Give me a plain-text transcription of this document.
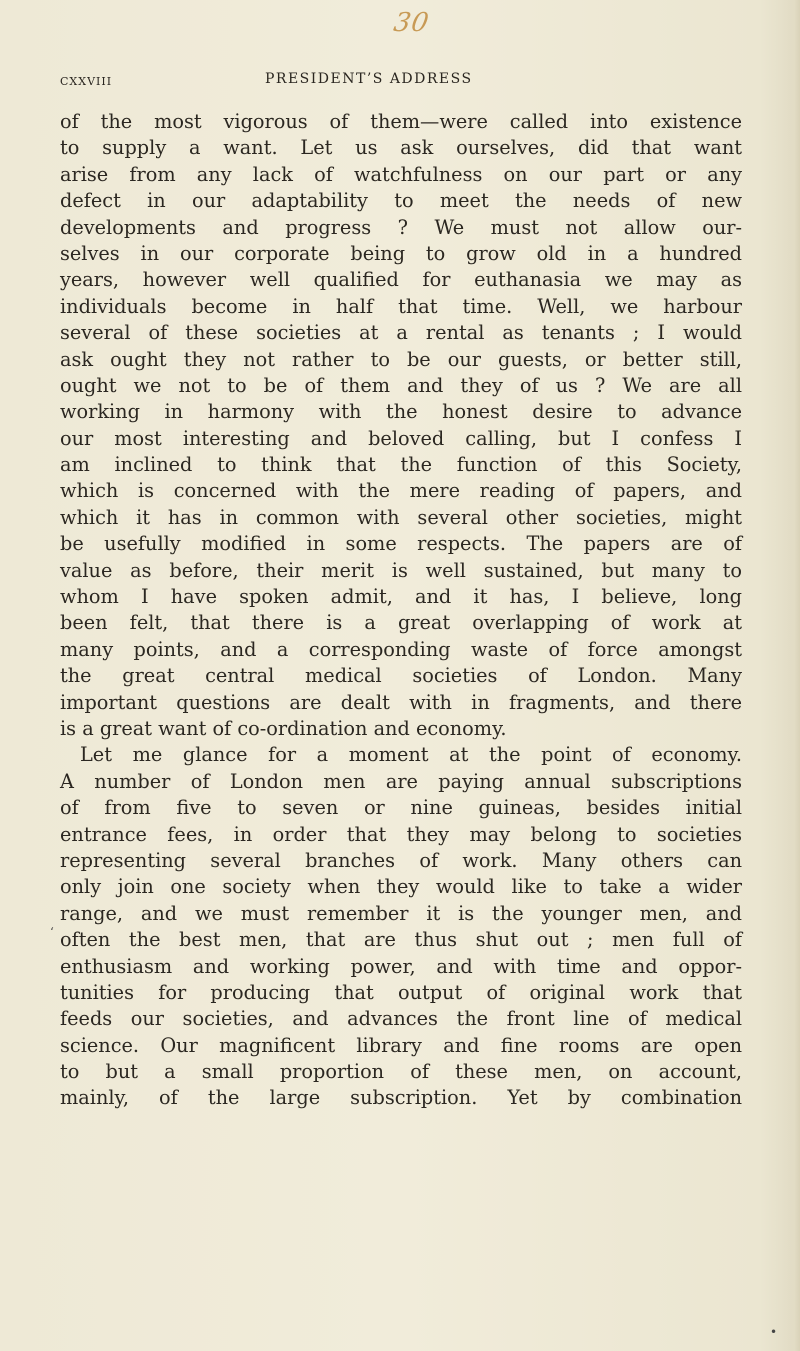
30
cxxviii	PRESIDENT’S ADDRESS
of the most vigorous of them—were called into existence
to supply a want. Let us ask ourselves, did that want
arise from any lack of watchfulness on our part or any
defect in our adaptability to meet the needs of new
developments and progress ? We must not allow our-
selves in our corporate being to grow old in a hundred
years, however well qualified for euthanasia we may as
individuals become in half that time. Well, we harbour
several of these societies at a rental as tenants ; I would
ask ought they not rather to be our guests, or better still,
ought we not to be of them and they of us ? We are all
working in harmony with the honest desire to advance
our most interesting and beloved calling, but I confess I
am inclined to think that the function of this Society,
which is concerned with the mere reading of papers, and
which it has in common with several other societies, might
be usefully modified in some respects. The papers are of
value as before, their merit is well sustained, but many to
whom I have spoken admit, and it has, I believe, long
been felt, that there is a great overlapping of work at
many points, and a corresponding waste of force amongst
the great central medical societies of London. Many
important questions are dealt with in fragments, and there
is a great want of co-ordination and economy.
Let me glance for a moment at the point of economy.
A number of London men are paying annual subscriptions
of from five to seven or nine guineas, besides initial
entrance fees, in order that they may belong to societies
representing several branches of work. Many others can
only join one society when they would like to take a wider
range, and we must remember it is the younger men, and
often the best men, that are thus shut out ; men full of
enthusiasm and working power, and with time and oppor-
tunities for producing that output of original work that
feeds our societies, and advances the front line of medical
science. Our magnificent library and fine rooms are open
to but a small proportion of these men, on account,
mainly, of the large subscription. Yet by combination
‘
•
